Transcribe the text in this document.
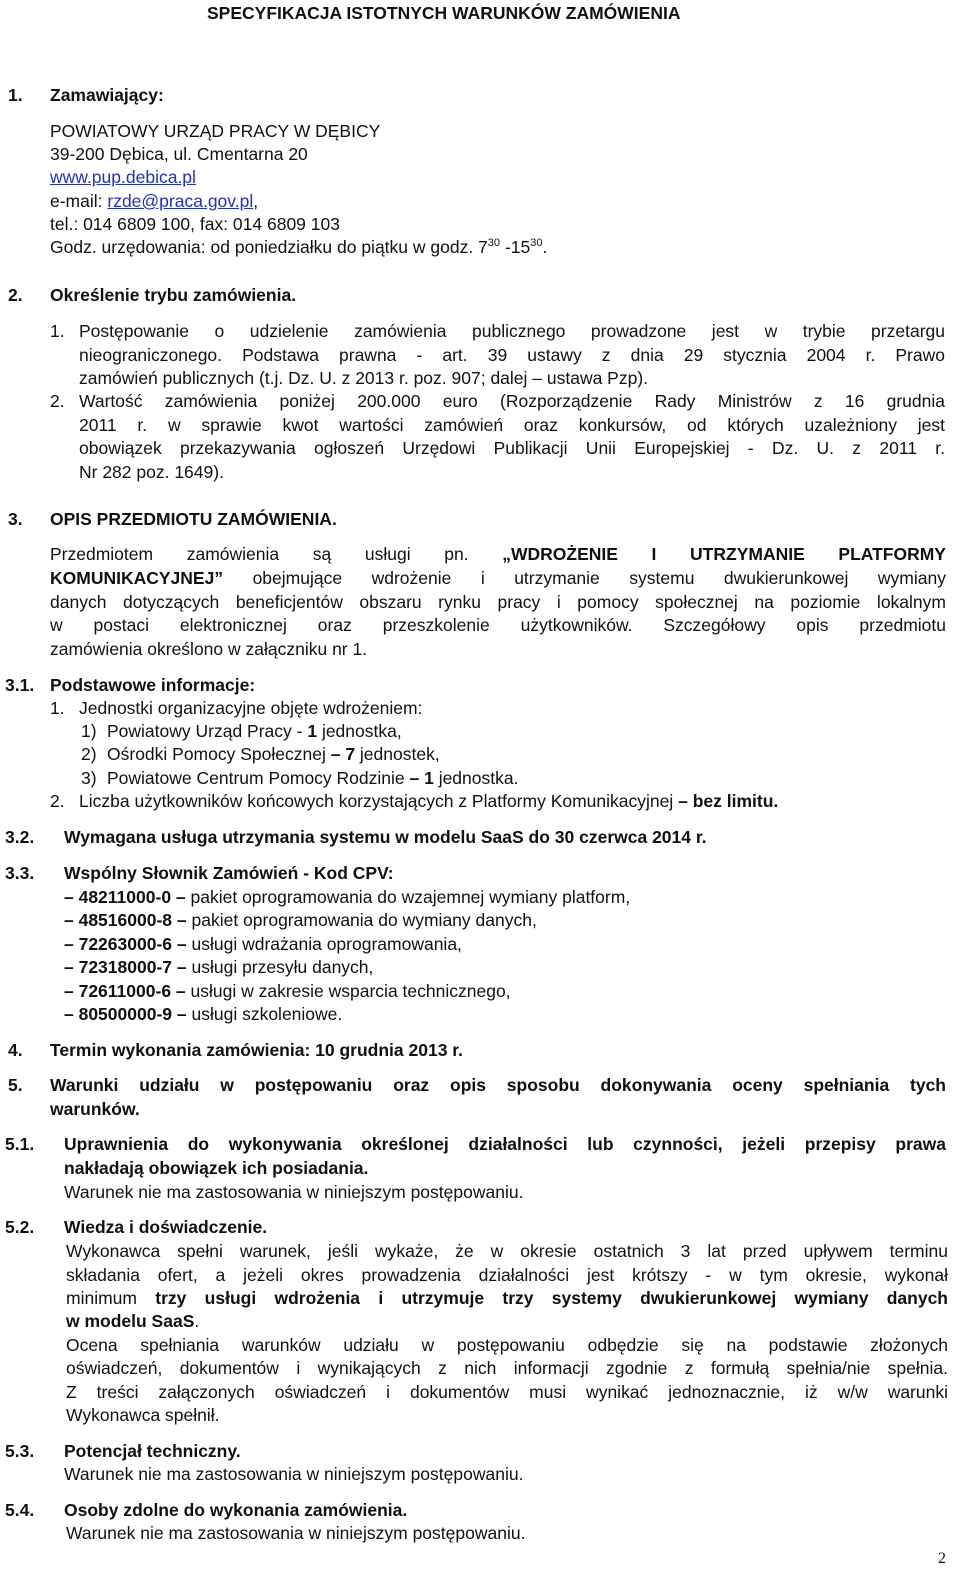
SPECYFIKACJA ISTOTNYCH WARUNKÓW ZAMÓWIENIA
1. Zamawiający:
POWIATOWY URZĄD PRACY W DĘBICY
39-200 Dębica, ul. Cmentarna 20
www.pup.debica.pl
e-mail: rzde@praca.gov.pl,
tel.: 014 6809 100, fax: 014 6809 103
Godz. urzędowania: od poniedziałku do piątku w godz. $7^{30}$ $-15^{30}$.
2. Określenie trybu zamówienia.
1. Postępowanie o udzielenie zamówienia publicznego prowadzone jest w trybie przetargu
nieograniczonego. Podstawa prawna - art. 39 ustawy z dnia 29 stycznia 2004 r. Prawo
zamówień publicznych (t.j. Dz. U. z 2013 r. poz. 907; dalej – ustawa Pzp).
2. Wartość zamówienia poniżej 200.000 euro (Rozporządzenie Rady Ministrów z 16 grudnia
2011 r. w sprawie kwot wartości zamówień oraz konkursów, od których uzależniony jest
obowiązek przekazywania ogłoszeń Urzędowi Publikacji Unii Europejskiej - Dz. U. z 2011 r.
Nr 282 poz. 1649).
3. OPIS PRZEDMIOTU ZAMÓWIENIA.
Przedmiotem zamówienia są usługi pn. „WDROŻENIE I UTRZYMANIE PLATFORMY
KOMUNIKACYJNEJ” obejmujące wdrożenie i utrzymanie systemu dwukierunkowej wymiany
danych dotyczących beneficjentów obszaru rynku pracy i pomocy społecznej na poziomie lokalnym
w postaci elektronicznej oraz przeszkolenie użytkowników. Szczegółowy opis przedmiotu
zamówienia określono w załączniku nr 1.
3.1. Podstawowe informacje:
1. Jednostki organizacyjne objęte wdrożeniem:
1) Powiatowy Urząd Pracy - 1 jednostka,
2) Ośrodki Pomocy Społecznej – 7 jednostek,
3) Powiatowe Centrum Pomocy Rodzinie – 1 jednostka.
2. Liczba użytkowników końcowych korzystających z Platformy Komunikacyjnej – bez limitu.
3.2. Wymagana usługa utrzymania systemu w modelu SaaS do 30 czerwca 2014 r.
3.3. Wspólny Słownik Zamówień - Kod CPV:
– 48211000-0 – pakiet oprogramowania do wzajemnej wymiany platform,
– 48516000-8 – pakiet oprogramowania do wymiany danych,
– 72263000-6 – usługi wdrażania oprogramowania,
– 72318000-7 – usługi przesyłu danych,
– 72611000-6 – usługi w zakresie wsparcia technicznego,
– 80500000-9 – usługi szkoleniowe.
4. Termin wykonania zamówienia: 10 grudnia 2013 r.
5. Warunki udziału w postępowaniu oraz opis sposobu dokonywania oceny spełniania tych
warunków.
5.1. Uprawnienia do wykonywania określonej działalności lub czynności, jeżeli przepisy prawa
nakładają obowiązek ich posiadania.
Warunek nie ma zastosowania w niniejszym postępowaniu.
5.2. Wiedza i doświadczenie.
Wykonawca spełni warunek, jeśli wykaże, że w okresie ostatnich 3 lat przed upływem terminu
składania ofert, a jeżeli okres prowadzenia działalności jest krótszy - w tym okresie, wykonał
minimum trzy usługi wdrożenia i utrzymuje trzy systemy dwukierunkowej wymiany danych
w modelu SaaS.
Ocena spełniania warunków udziału w postępowaniu odbędzie się na podstawie złożonych
oświadczeń, dokumentów i wynikających z nich informacji zgodnie z formułą spełnia/nie spełnia.
Z treści załączonych oświadczeń i dokumentów musi wynikać jednoznacznie, iż w/w warunki
Wykonawca spełnił.
5.3. Potencjał techniczny.
Warunek nie ma zastosowania w niniejszym postępowaniu.
5.4. Osoby zdolne do wykonania zamówienia.
Warunek nie ma zastosowania w niniejszym postępowaniu.
2
